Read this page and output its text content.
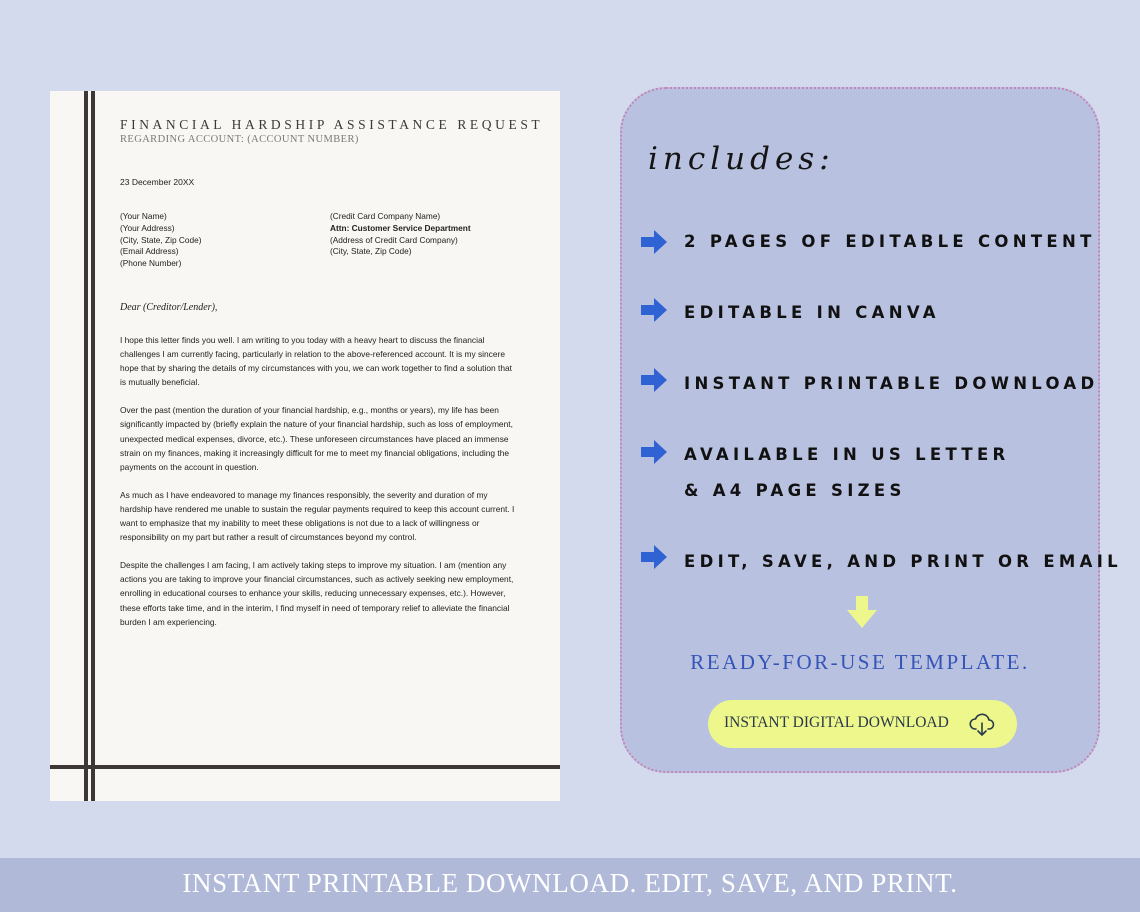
FINANCIAL HARDSHIP ASSISTANCE REQUEST
REGARDING ACCOUNT: (ACCOUNT NUMBER)
23 December 20XX
(Your Name)
(Your Address)
(City, State, Zip Code)
(Email Address)
(Phone Number)
(Credit Card Company Name)
Attn: Customer Service Department
(Address of Credit Card Company)
(City, State, Zip Code)
Dear (Creditor/Lender),

I hope this letter finds you well. I am writing to you today with a heavy heart to discuss the financial challenges I am currently facing, particularly in relation to the above-referenced account. It is my sincere hope that by sharing the details of my circumstances with you, we can work together to find a solution that is mutually beneficial.

Over the past (mention the duration of your financial hardship, e.g., months or years), my life has been significantly impacted by (briefly explain the nature of your financial hardship, such as loss of employment, unexpected medical expenses, divorce, etc.). These unforeseen circumstances have placed an immense strain on my finances, making it increasingly difficult for me to meet my financial obligations, including the payments on the account in question.

As much as I have endeavored to manage my finances responsibly, the severity and duration of my hardship have rendered me unable to sustain the regular payments required to keep this account current. I want to emphasize that my inability to meet these obligations is not due to a lack of willingness or responsibility on my part but rather a result of circumstances beyond my control.

Despite the challenges I am facing, I am actively taking steps to improve my situation. I am (mention any actions you are taking to improve your financial circumstances, such as actively seeking new employment, enrolling in educational courses to enhance your skills, reducing unnecessary expenses, etc.). However, these efforts take time, and in the interim, I find myself in need of temporary relief to alleviate the financial burden I am experiencing.

includes:
2 PAGES OF EDITABLE CONTENT
EDITABLE IN CANVA
INSTANT PRINTABLE DOWNLOAD
AVAILABLE IN US LETTER
& A4 PAGE SIZES
EDIT, SAVE, AND PRINT OR EMAIL
READY-FOR-USE TEMPLATE.
INSTANT DIGITAL DOWNLOAD
INSTANT PRINTABLE DOWNLOAD. EDIT, SAVE, AND PRINT.
